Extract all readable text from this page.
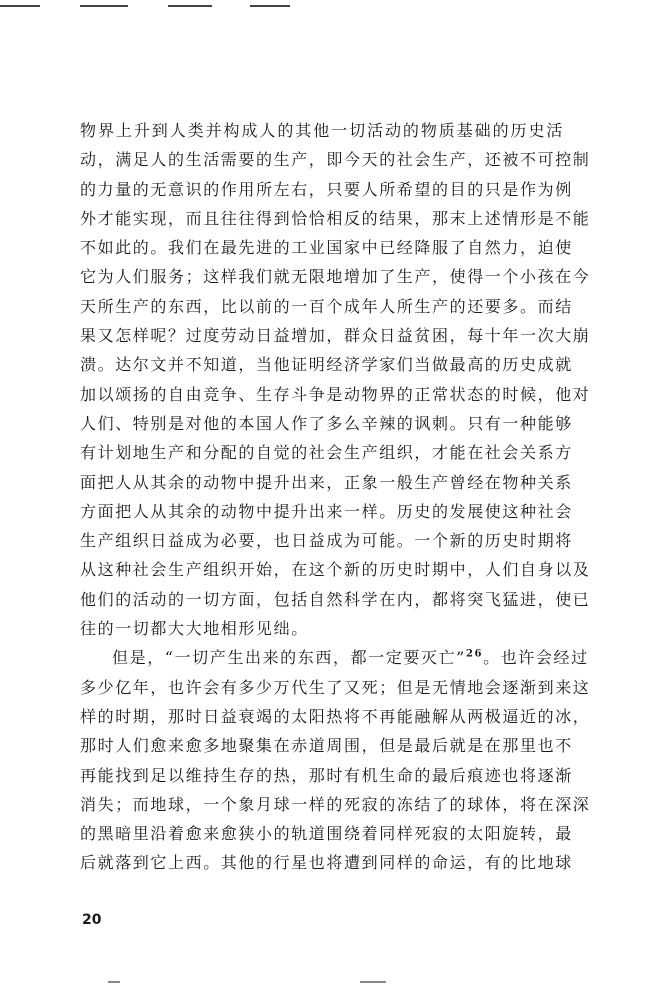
物界上升到人类并构成人的其他一切活动的物质基础的历史活
动，满足人的生活需要的生产，即今天的社会生产，还被不可控制
的力量的无意识的作用所左右，只要人所希望的目的只是作为例
外才能实现，而且往往得到恰恰相反的结果，那末上述情形是不能
不如此的。我们在最先进的工业国家中已经降服了自然力，迫使
它为人们服务；这样我们就无限地增加了生产，使得一个小孩在今
天所生产的东西，比以前的一百个成年人所生产的还要多。而结
果又怎样呢？过度劳动日益增加，群众日益贫困，每十年一次大崩
溃。达尔文并不知道，当他证明经济学家们当做最高的历史成就
加以颂扬的自由竞争、生存斗争是动物界的正常状态的时候，他对
人们、特别是对他的本国人作了多么辛辣的讽刺。只有一种能够
有计划地生产和分配的自觉的社会生产组织，才能在社会关系方
面把人从其余的动物中提升出来，正象一般生产曾经在物种关系
方面把人从其余的动物中提升出来一样。历史的发展使这种社会
生产组织日益成为必要，也日益成为可能。一个新的历史时期将
从这种社会生产组织开始，在这个新的历史时期中，人们自身以及
他们的活动的一切方面，包括自然科学在内，都将突飞猛进，使已
往的一切都大大地相形见绌。
但是，“一切产生出来的东西，都一定要灭亡”$^{26}$。也许会经过
多少亿年，也许会有多少万代生了又死；但是无情地会逐渐到来这
样的时期，那时日益衰竭的太阳热将不再能融解从两极逼近的冰，
那时人们愈来愈多地聚集在赤道周围，但是最后就是在那里也不
再能找到足以维持生存的热，那时有机生命的最后痕迹也将逐渐
消失；而地球，一个象月球一样的死寂的冻结了的球体，将在深深
的黑暗里沿着愈来愈狭小的轨道围绕着同样死寂的太阳旋转，最
后就落到它上西。其他的行星也将遭到同样的命运，有的比地球
20
